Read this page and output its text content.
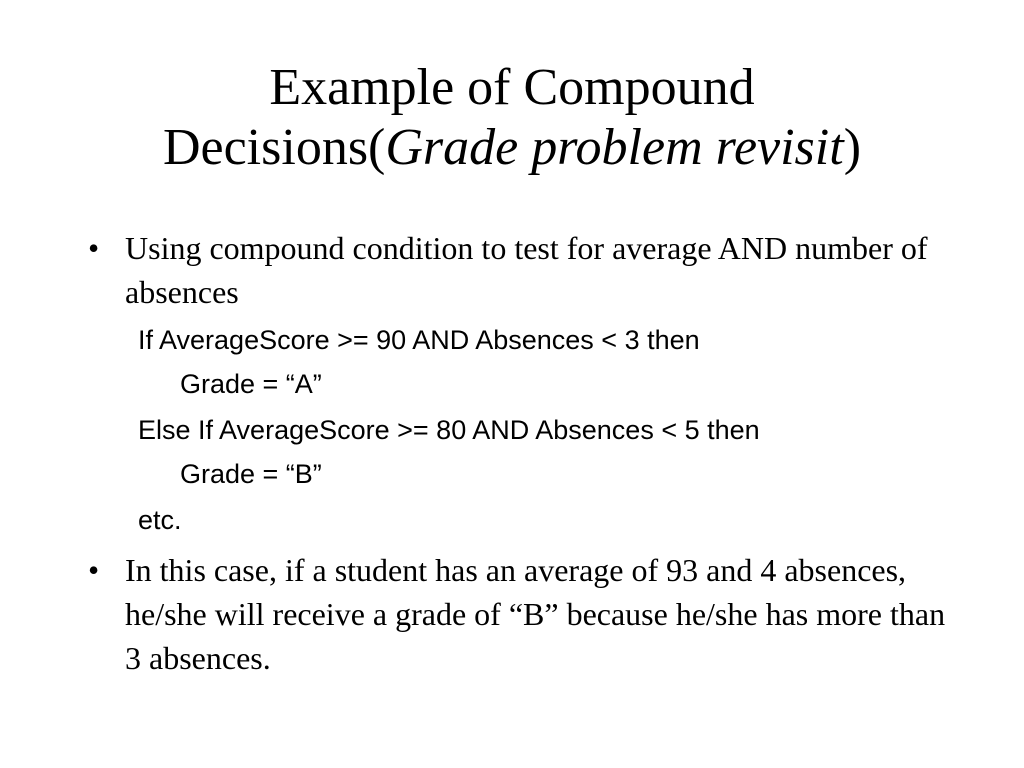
Example of Compound
Decisions(Grade problem revisit)
• Using compound condition to test for average AND number of absences
If AverageScore >= 90 AND Absences < 3 then
Grade = “A”
Else If AverageScore >= 80 AND Absences < 5 then
Grade = “B”
etc.
• In this case, if a student has an average of 93 and 4 absences, he/she will receive a grade of “B” because he/she has more than 3 absences.
